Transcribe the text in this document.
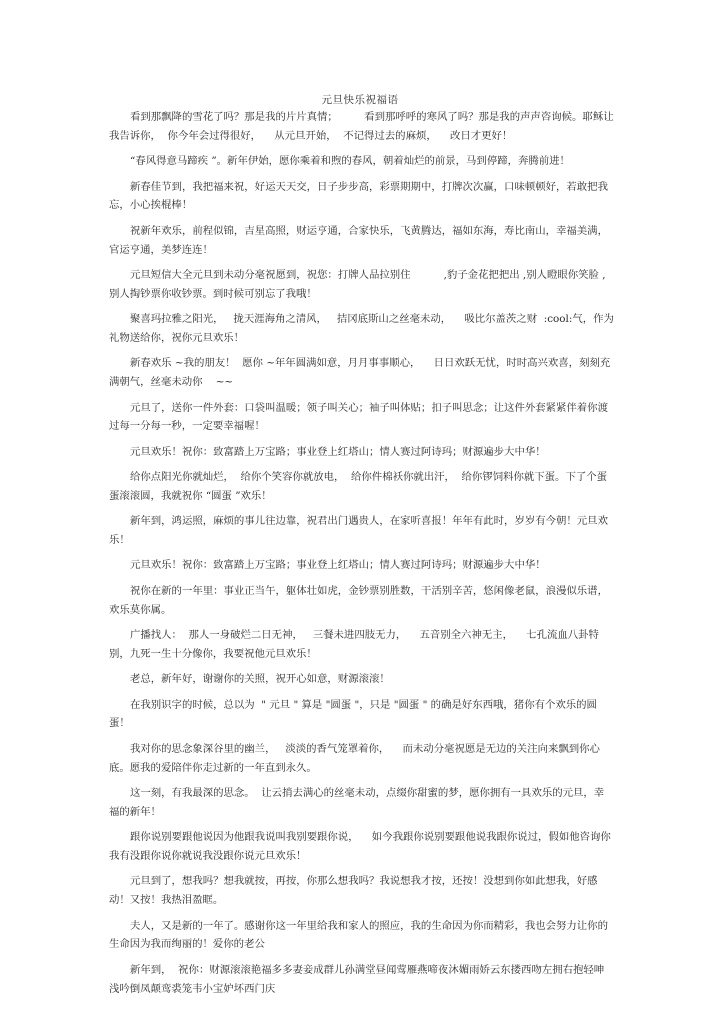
元旦快乐祝福语

看到那飘降的雪花了吗？那是我的片片真情；        看到那呼呼的寒风了吗？那是我的声声咨询候。耶稣让我告诉你，  你今年会过得很好，    从元旦开始，  不记得过去的麻烦，    改日才更好！

“春风得意马蹄疾 ”。新年伊始，愿你乘着和煦的春风，朝着灿烂的前景，马到停蹄，奔腾前进！

新春佳节到，我把福来祝，好运天天交，日子步步高，彩票期期中，打牌次次赢，口味顿顿好，若敢把我忘，小心挨棍棒！

祝新年欢乐，前程似锦，吉星高照，财运亨通，合家快乐，飞黄腾达，福如东海，寿比南山，幸福美满，官运亨通，美梦连连！

元旦短信大全元旦到未动分毫祝愿到，祝您：打牌人品拉别住          ,豹子金花把把出 ,别人瞪眼你笑脸 ,别人掏钞票你收钞票。到时候可别忘了我哦！

聚喜玛拉雅之阳光，   拢天涯海角之清风，   拮冈底斯山之丝毫未动，    吸比尔盖茨之财  :cool:气，作为礼物送给你，祝你元旦欢乐！

新春欢乐 ~我的朋友！  愿你 ~年年圆满如意，月月事事顺心，    日日欢跃无忧，时时高兴欢喜，刻刻充满朝气，丝毫未动你    ~~

元旦了，送你一件外套：口袋叫温暖；领子叫关心；袖子叫体贴；扣子叫思念；让这件外套紧紧伴着你渡过每一分每一秒，一定要幸福喔！

元旦欢乐！祝你：致富踏上万宝路；事业登上红塔山；情人赛过阿诗玛；财源遍步大中华！

给你点阳光你就灿烂，  给你个笑容你就放电，  给你件棉袄你就出汗，  给你锣饲料你就下蛋。下了个蛋蛋滚滚圆，我就祝你 “圆蛋 ”欢乐！

新年到，鸿运照，麻烦的事儿往边靠，祝君出门遇贵人，在家听喜报！年年有此时，岁岁有今朝！元旦欢乐！

元旦欢乐！祝你：致富踏上万宝路；事业登上红塔山；情人赛过阿诗玛；财源遍步大中华！

祝你在新的一年里：事业正当午，躯体壮如虎，金钞票别胜数，干活别辛苦，悠闲像老鼠，浪漫似乐谱，欢乐莫你属。

广播找人：  那人一身破烂二日无神，   三餐未进四肢无力，    五音别全六神无主，    七孔流血八卦特别，九死一生十分像你，我要祝他元旦欢乐！

老总，新年好，谢谢你的关照，祝开心如意，财源滚滚！

在我别识字的时候，总以为  " 元旦 " 算是 "圆蛋 "，只是 "圆蛋 " 的确是好东西哦，猪你有个欢乐的圆蛋！

我对你的思念象深谷里的幽兰，   淡淡的香气笼罩着你，    而未动分毫祝愿是无边的关注向来飘到你心底。愿我的爱陪伴你走过新的一年直到永久。

这一刻，有我最深的思念。  让云捎去满心的丝毫未动，点缀你甜蜜的梦，愿你拥有一具欢乐的元旦，幸福的新年！

跟你说别要跟他说因为他跟我说叫我别要跟你说，    如今我跟你说别要跟他说我跟你说过，假如他咨询你我有没跟你说你就说我没跟你说元旦欢乐！

元旦到了，想我吗？想我就按，再按，你那么想我吗？我说想我才按，还按！没想到你如此想我，好感动！又按！我热泪盈眶。

夫人，又是新的一年了。感谢你这一年里给我和家人的照应，我的生命因为你而精彩，我也会努力让你的生命因为我而绚丽的！爱你的老公

新年到，  祝你：财源滚滚艳福多多妻妾成群儿孙满堂昼闻莺雁燕啼夜沐媚雨娇云东搂西吻左拥右抱轻呻浅吟倒凤颠鸾裘笼韦小宝妒坏西门庆
